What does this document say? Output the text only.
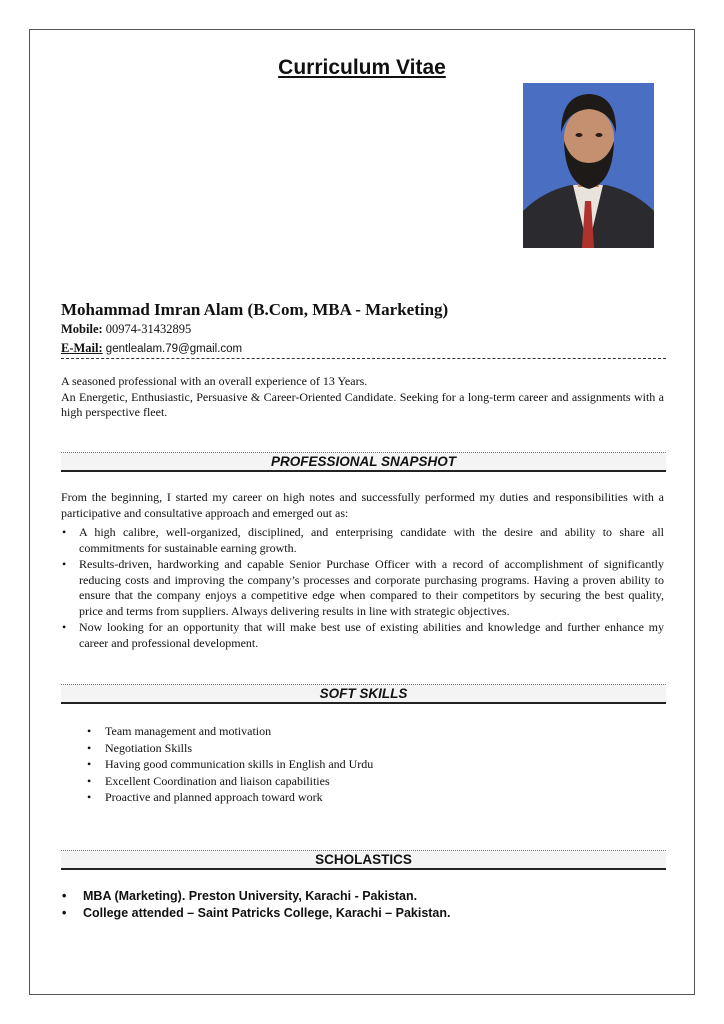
Curriculum Vitae
Mohammad Imran Alam (B.Com, MBA - Marketing)
Mobile: 00974-31432895
E-Mail: gentlealam.79@gmail.com
A seasoned professional with an overall experience of 13 Years.
An Energetic, Enthusiastic, Persuasive & Career-Oriented Candidate. Seeking for a long-term career and assignments with a high perspective fleet.
PROFESSIONAL SNAPSHOT
From the beginning, I started my career on high notes and successfully performed my duties and responsibilities with a participative and consultative approach and emerged out as:
• A high calibre, well-organized, disciplined, and enterprising candidate with the desire and ability to share all commitments for sustainable earning growth.
• Results-driven, hardworking and capable Senior Purchase Officer with a record of accomplishment of significantly reducing costs and improving the company’s processes and corporate purchasing programs. Having a proven ability to ensure that the company enjoys a competitive edge when compared to their competitors by securing the best quality, price and terms from suppliers. Always delivering results in line with strategic objectives.
• Now looking for an opportunity that will make best use of existing abilities and knowledge and further enhance my career and professional development.
SOFT SKILLS
• Team management and motivation
• Negotiation Skills
• Having good communication skills in English and Urdu
• Excellent Coordination and liaison capabilities
• Proactive and planned approach toward work
SCHOLASTICS
• MBA (Marketing). Preston University, Karachi - Pakistan.
• College attended – Saint Patricks College, Karachi – Pakistan.
